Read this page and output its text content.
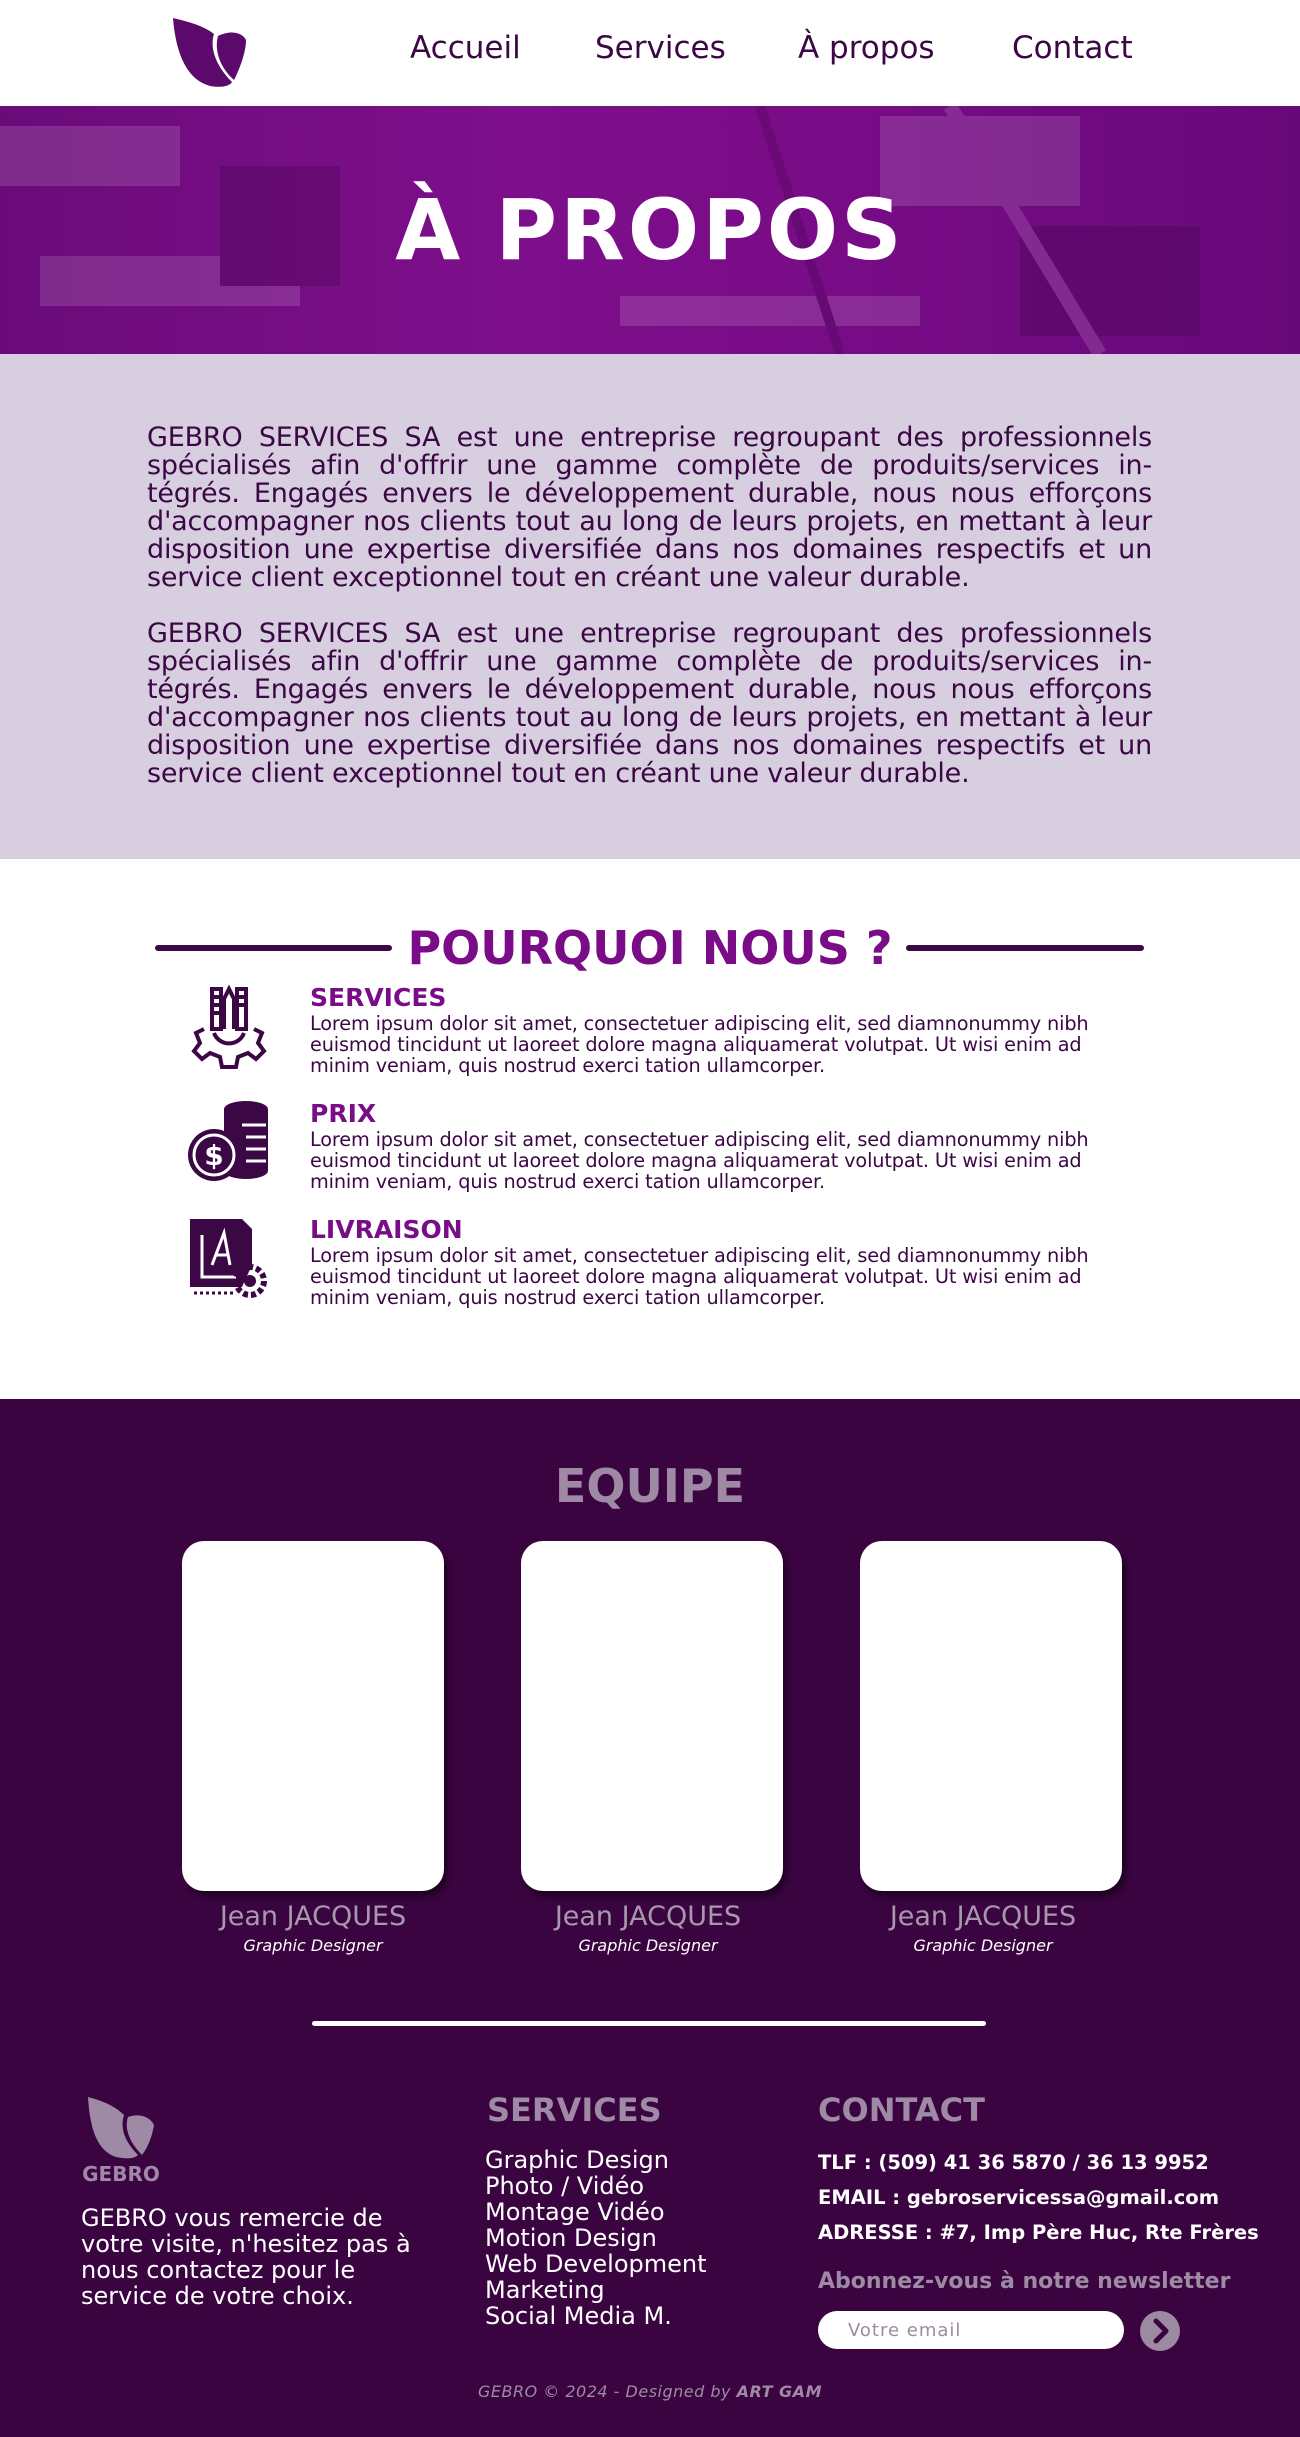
Accueil Services À propos Contact
À PROPOS

GEBRO SERVICES SA est une entreprise regroupant des professionnels spécialisés afin d'offrir une gamme complète de produits/services in-tégrés. Engagés envers le développement durable, nous nous efforçons d'accompagner nos clients tout au long de leurs projets, en mettant à leur disposition une expertise diversifiée dans nos domaines respectifs et un service client exceptionnel tout en créant une valeur durable.

GEBRO SERVICES SA est une entreprise regroupant des professionnels spécialisés afin d'offrir une gamme complète de produits/services in-tégrés. Engagés envers le développement durable, nous nous efforçons d'accompagner nos clients tout au long de leurs projets, en mettant à leur disposition une expertise diversifiée dans nos domaines respectifs et un service client exceptionnel tout en créant une valeur durable.

POURQUOI NOUS ?
SERVICES

Lorem ipsum dolor sit amet, consectetuer adipiscing elit, sed diamnonummy nibh euismod tincidunt ut laoreet dolore magna aliquamerat volutpat. Ut wisi enim ad minim veniam, quis nostrud exerci tation ullamcorper.

$
PRIX

Lorem ipsum dolor sit amet, consectetuer adipiscing elit, sed diamnonummy nibh euismod tincidunt ut laoreet dolore magna aliquamerat volutpat. Ut wisi enim ad minim veniam, quis nostrud exerci tation ullamcorper.

LIVRAISON

Lorem ipsum dolor sit amet, consectetuer adipiscing elit, sed diamnonummy nibh euismod tincidunt ut laoreet dolore magna aliquamerat volutpat. Ut wisi enim ad minim veniam, quis nostrud exerci tation ullamcorper.

EQUIPE
Jean JACQUES
Graphic Designer
Jean JACQUES
Graphic Designer
Jean JACQUES
Graphic Designer
GEBRO

GEBRO vous remercie de votre visite, n'hesitez pas à nous contactez pour le service de votre choix.

SERVICES
Graphic Design
Photo / Vidéo
Montage Vidéo
Motion Design
Web Development
Marketing
Social Media M.
CONTACT
TLF : (509) 41 36 5870 / 36 13 9952
EMAIL : gebroservicessa@gmail.com
ADRESSE : #7, Imp Père Huc, Rte Frères
Abonnez-vous à notre newsletter
Votre email
GEBRO © 2024 - Designed by ART GAM
